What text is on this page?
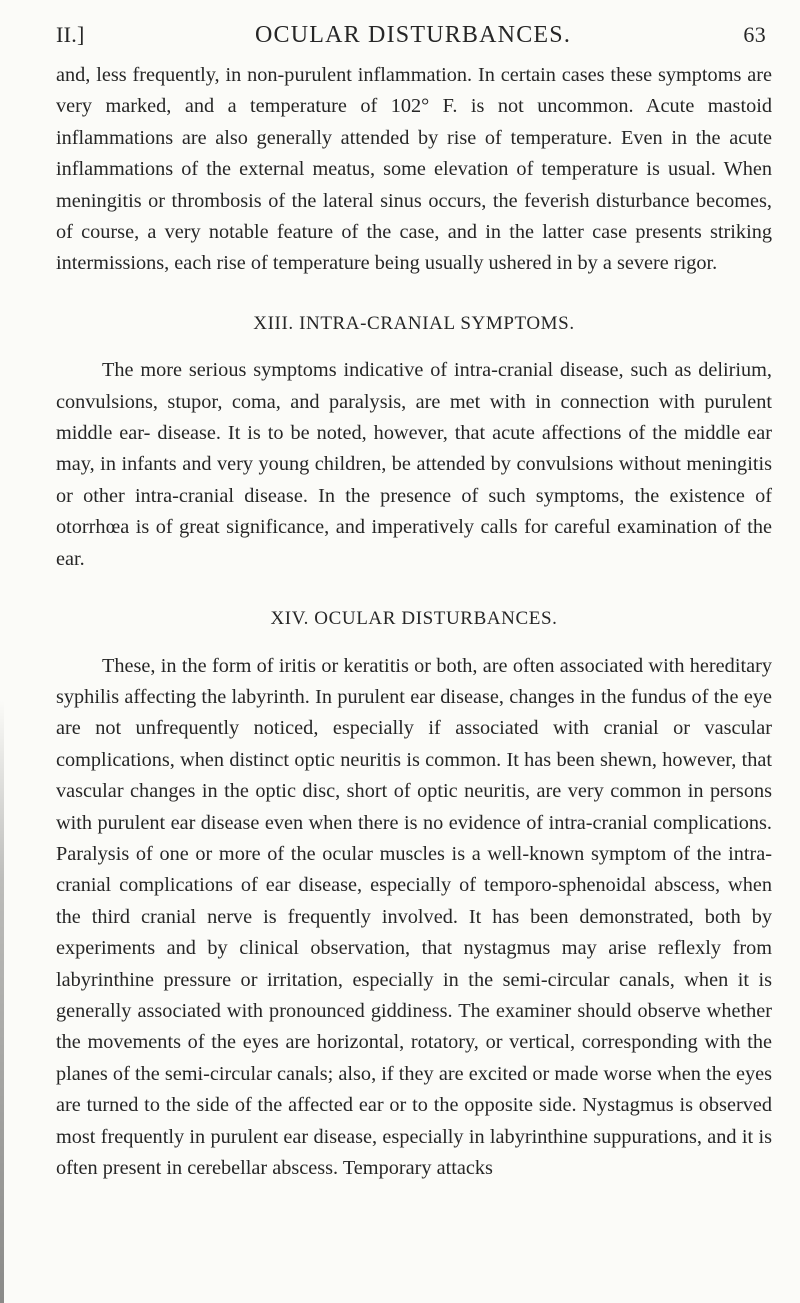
II.]	OCULAR DISTURBANCES.	63

and, less frequently, in non-purulent inflammation. In certain cases these symptoms are very marked, and a temperature of 102° F. is not uncommon. Acute mastoid inflammations are also generally attended by rise of temperature. Even in the acute inflammations of the external meatus, some elevation of temperature is usual. When meningitis or thrombosis of the lateral sinus occurs, the feverish disturbance becomes, of course, a very notable feature of the case, and in the latter case presents striking intermissions, each rise of temperature being usually ushered in by a severe rigor.

XIII. INTRA-CRANIAL SYMPTOMS.

The more serious symptoms indicative of intra-cranial disease, such as delirium, convulsions, stupor, coma, and paralysis, are met with in connection with purulent middle ear- disease. It is to be noted, however, that acute affections of the middle ear may, in infants and very young children, be attended by convulsions without meningitis or other intra-cranial disease. In the presence of such symptoms, the existence of otorrhœa is of great significance, and imperatively calls for careful examination of the ear.

XIV. OCULAR DISTURBANCES.

These, in the form of iritis or keratitis or both, are often associated with hereditary syphilis affecting the labyrinth. In purulent ear disease, changes in the fundus of the eye are not unfrequently noticed, especially if associated with cranial or vascular complications, when distinct optic neuritis is common. It has been shewn, however, that vascular changes in the optic disc, short of optic neuritis, are very common in persons with purulent ear disease even when there is no evidence of intra-cranial complications. Paralysis of one or more of the ocular muscles is a well-known symptom of the intra-cranial complications of ear disease, especially of temporo-sphenoidal abscess, when the third cranial nerve is frequently involved. It has been demonstrated, both by experiments and by clinical observation, that nystagmus may arise reflexly from labyrinthine pressure or irritation, especially in the semi-circular canals, when it is generally associated with pronounced giddiness. The examiner should observe whether the movements of the eyes are horizontal, rotatory, or vertical, corresponding with the planes of the semi-circular canals; also, if they are excited or made worse when the eyes are turned to the side of the affected ear or to the opposite side. Nystagmus is observed most frequently in purulent ear disease, especially in labyrinthine suppurations, and it is often present in cerebellar abscess. Temporary attacks
